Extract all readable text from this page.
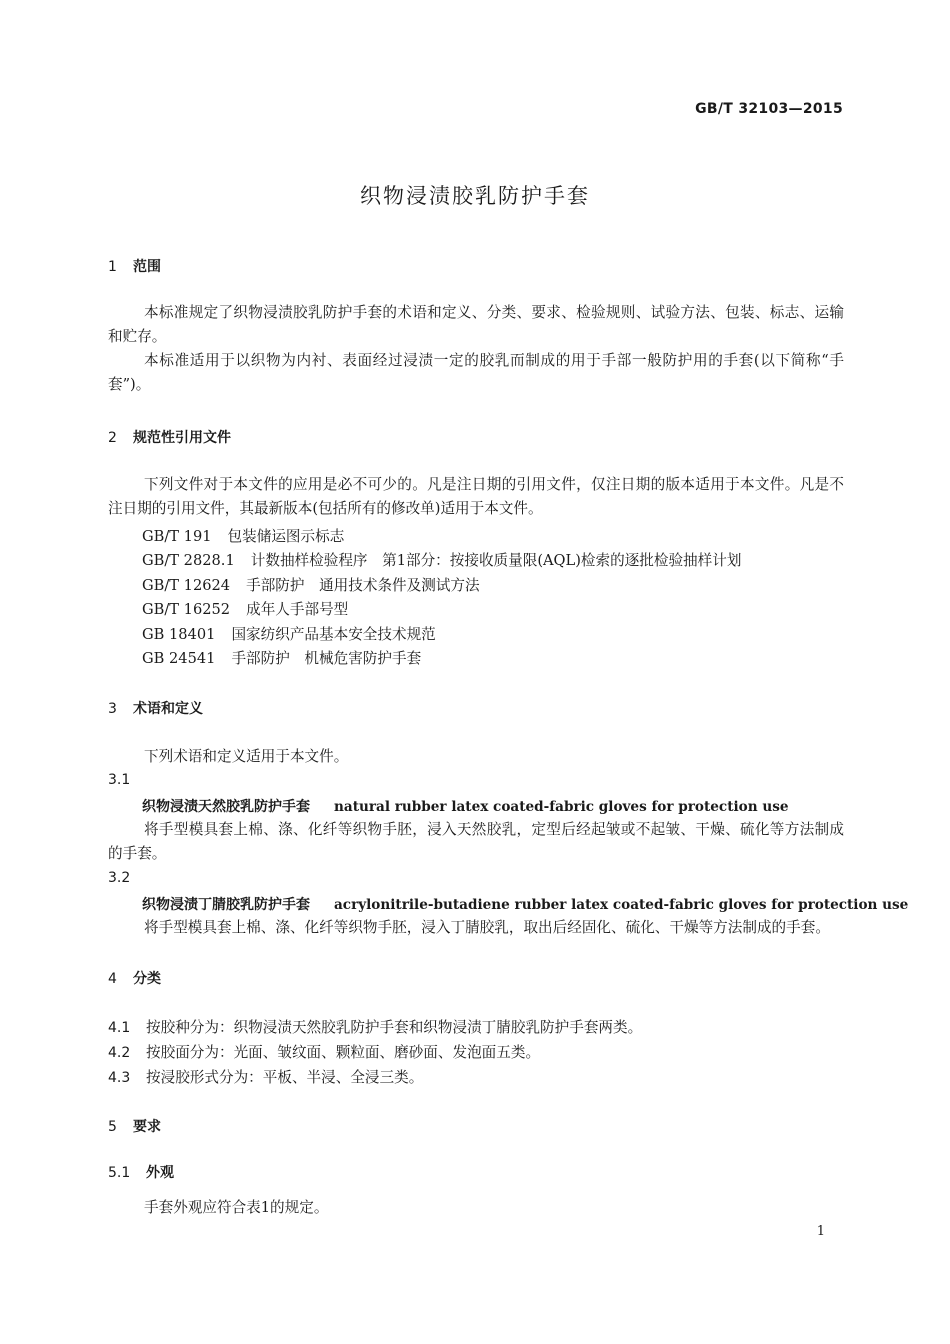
GB/T 32103—2015
织物浸渍胶乳防护手套
1 范围
本标准规定了织物浸渍胶乳防护手套的术语和定义、分类、要求、检验规则、试验方法、包装、标志、运输和贮存。
本标准适用于以织物为内衬、表面经过浸渍一定的胶乳而制成的用于手部一般防护用的手套(以下简称“手套”)。
2 规范性引用文件
下列文件对于本文件的应用是必不可少的。凡是注日期的引用文件，仅注日期的版本适用于本文件。凡是不注日期的引用文件，其最新版本(包括所有的修改单)适用于本文件。
GB/T 191 包装储运图示标志
GB/T 2828.1 计数抽样检验程序　第1部分：按接收质量限(AQL)检索的逐批检验抽样计划
GB/T 12624 手部防护　通用技术条件及测试方法
GB/T 16252 成年人手部号型
GB 18401 国家纺织产品基本安全技术规范
GB 24541 手部防护　机械危害防护手套
3 术语和定义
下列术语和定义适用于本文件。
3.1
织物浸渍天然胶乳防护手套 natural rubber latex coated-fabric gloves for protection use
将手型模具套上棉、涤、化纤等织物手胚，浸入天然胶乳，定型后经起皱或不起皱、干燥、硫化等方法制成的手套。
3.2
织物浸渍丁腈胶乳防护手套 acrylonitrile-butadiene rubber latex coated-fabric gloves for protection use
将手型模具套上棉、涤、化纤等织物手胚，浸入丁腈胶乳，取出后经固化、硫化、干燥等方法制成的手套。
4 分类
4.1 按胶种分为：织物浸渍天然胶乳防护手套和织物浸渍丁腈胶乳防护手套两类。
4.2 按胶面分为：光面、皱纹面、颗粒面、磨砂面、发泡面五类。
4.3 按浸胶形式分为：平板、半浸、全浸三类。
5 要求
5.1 外观
手套外观应符合表1的规定。
1
